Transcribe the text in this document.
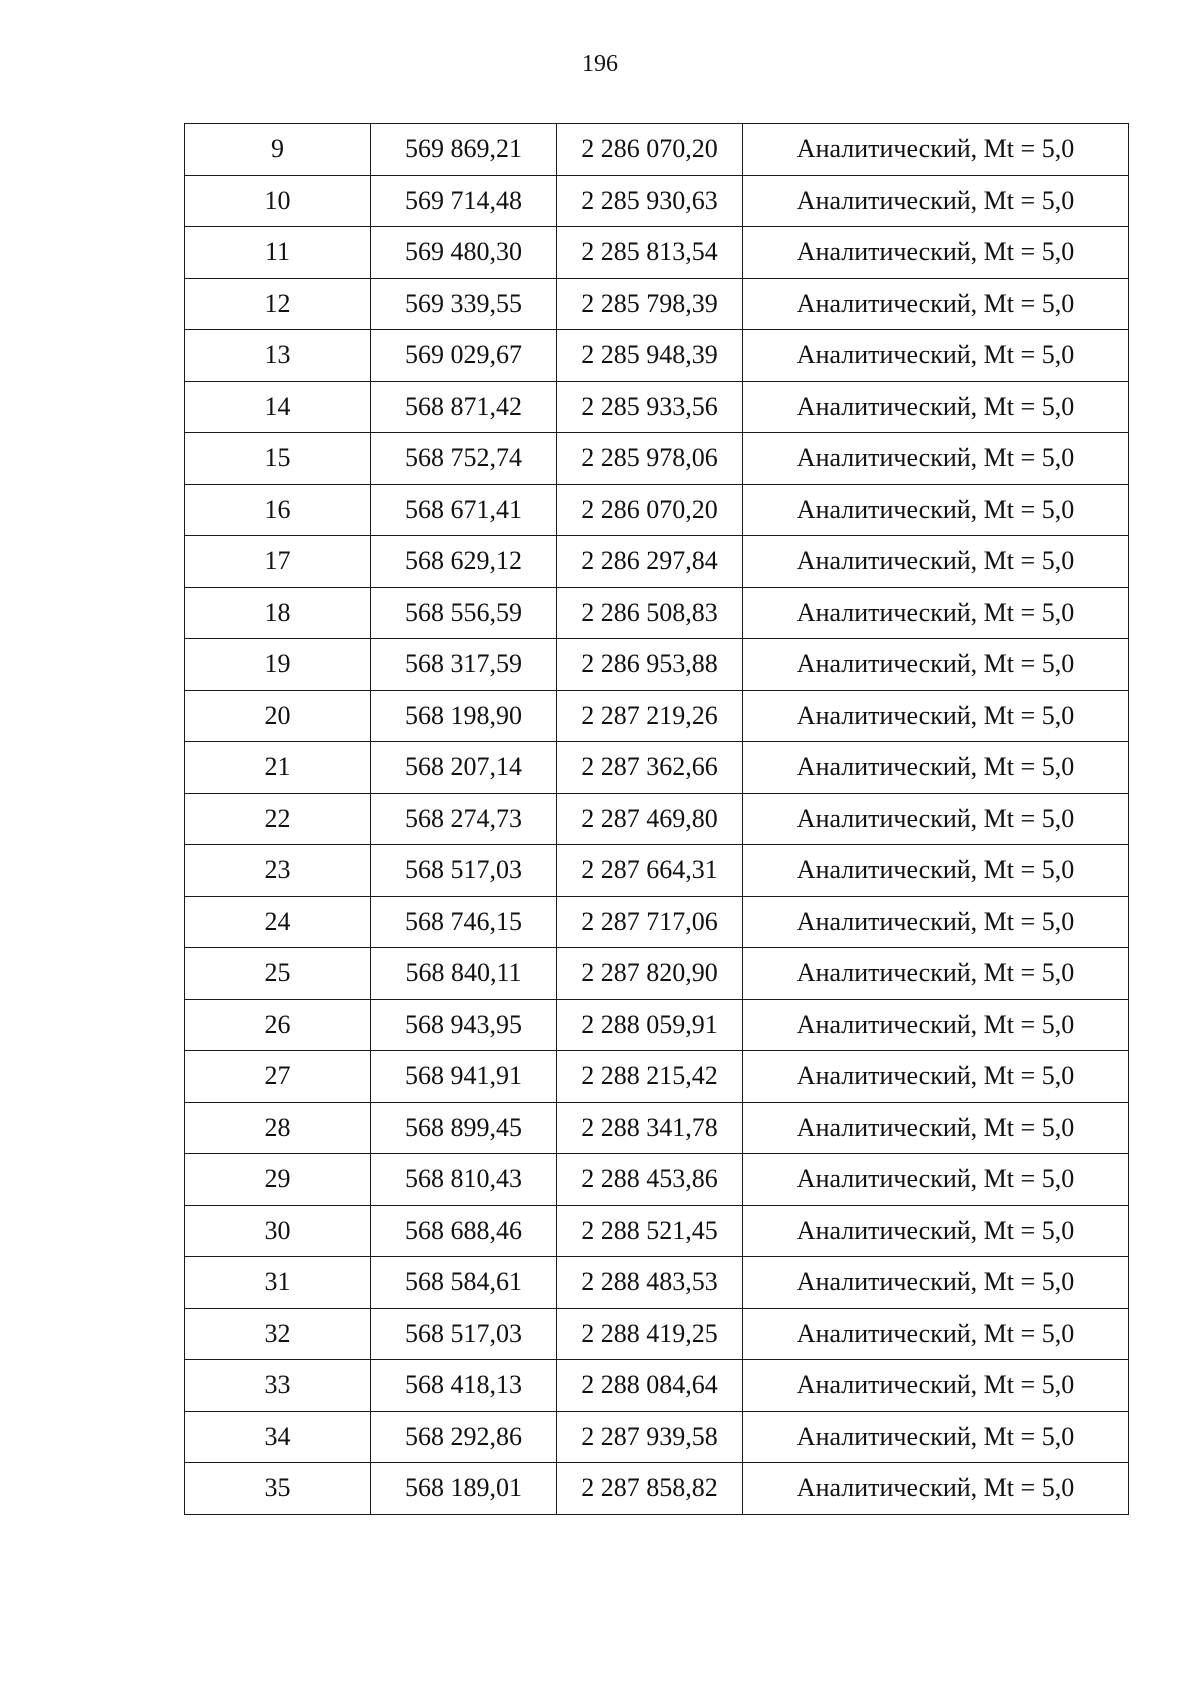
196
9	569 869,21	2 286 070,20	Аналитический, Mt = 5,0
10	569 714,48	2 285 930,63	Аналитический, Mt = 5,0
11	569 480,30	2 285 813,54	Аналитический, Mt = 5,0
12	569 339,55	2 285 798,39	Аналитический, Mt = 5,0
13	569 029,67	2 285 948,39	Аналитический, Mt = 5,0
14	568 871,42	2 285 933,56	Аналитический, Mt = 5,0
15	568 752,74	2 285 978,06	Аналитический, Mt = 5,0
16	568 671,41	2 286 070,20	Аналитический, Mt = 5,0
17	568 629,12	2 286 297,84	Аналитический, Mt = 5,0
18	568 556,59	2 286 508,83	Аналитический, Mt = 5,0
19	568 317,59	2 286 953,88	Аналитический, Mt = 5,0
20	568 198,90	2 287 219,26	Аналитический, Mt = 5,0
21	568 207,14	2 287 362,66	Аналитический, Mt = 5,0
22	568 274,73	2 287 469,80	Аналитический, Mt = 5,0
23	568 517,03	2 287 664,31	Аналитический, Mt = 5,0
24	568 746,15	2 287 717,06	Аналитический, Mt = 5,0
25	568 840,11	2 287 820,90	Аналитический, Mt = 5,0
26	568 943,95	2 288 059,91	Аналитический, Mt = 5,0
27	568 941,91	2 288 215,42	Аналитический, Mt = 5,0
28	568 899,45	2 288 341,78	Аналитический, Mt = 5,0
29	568 810,43	2 288 453,86	Аналитический, Mt = 5,0
30	568 688,46	2 288 521,45	Аналитический, Mt = 5,0
31	568 584,61	2 288 483,53	Аналитический, Mt = 5,0
32	568 517,03	2 288 419,25	Аналитический, Mt = 5,0
33	568 418,13	2 288 084,64	Аналитический, Mt = 5,0
34	568 292,86	2 287 939,58	Аналитический, Mt = 5,0
35	568 189,01	2 287 858,82	Аналитический, Mt = 5,0
